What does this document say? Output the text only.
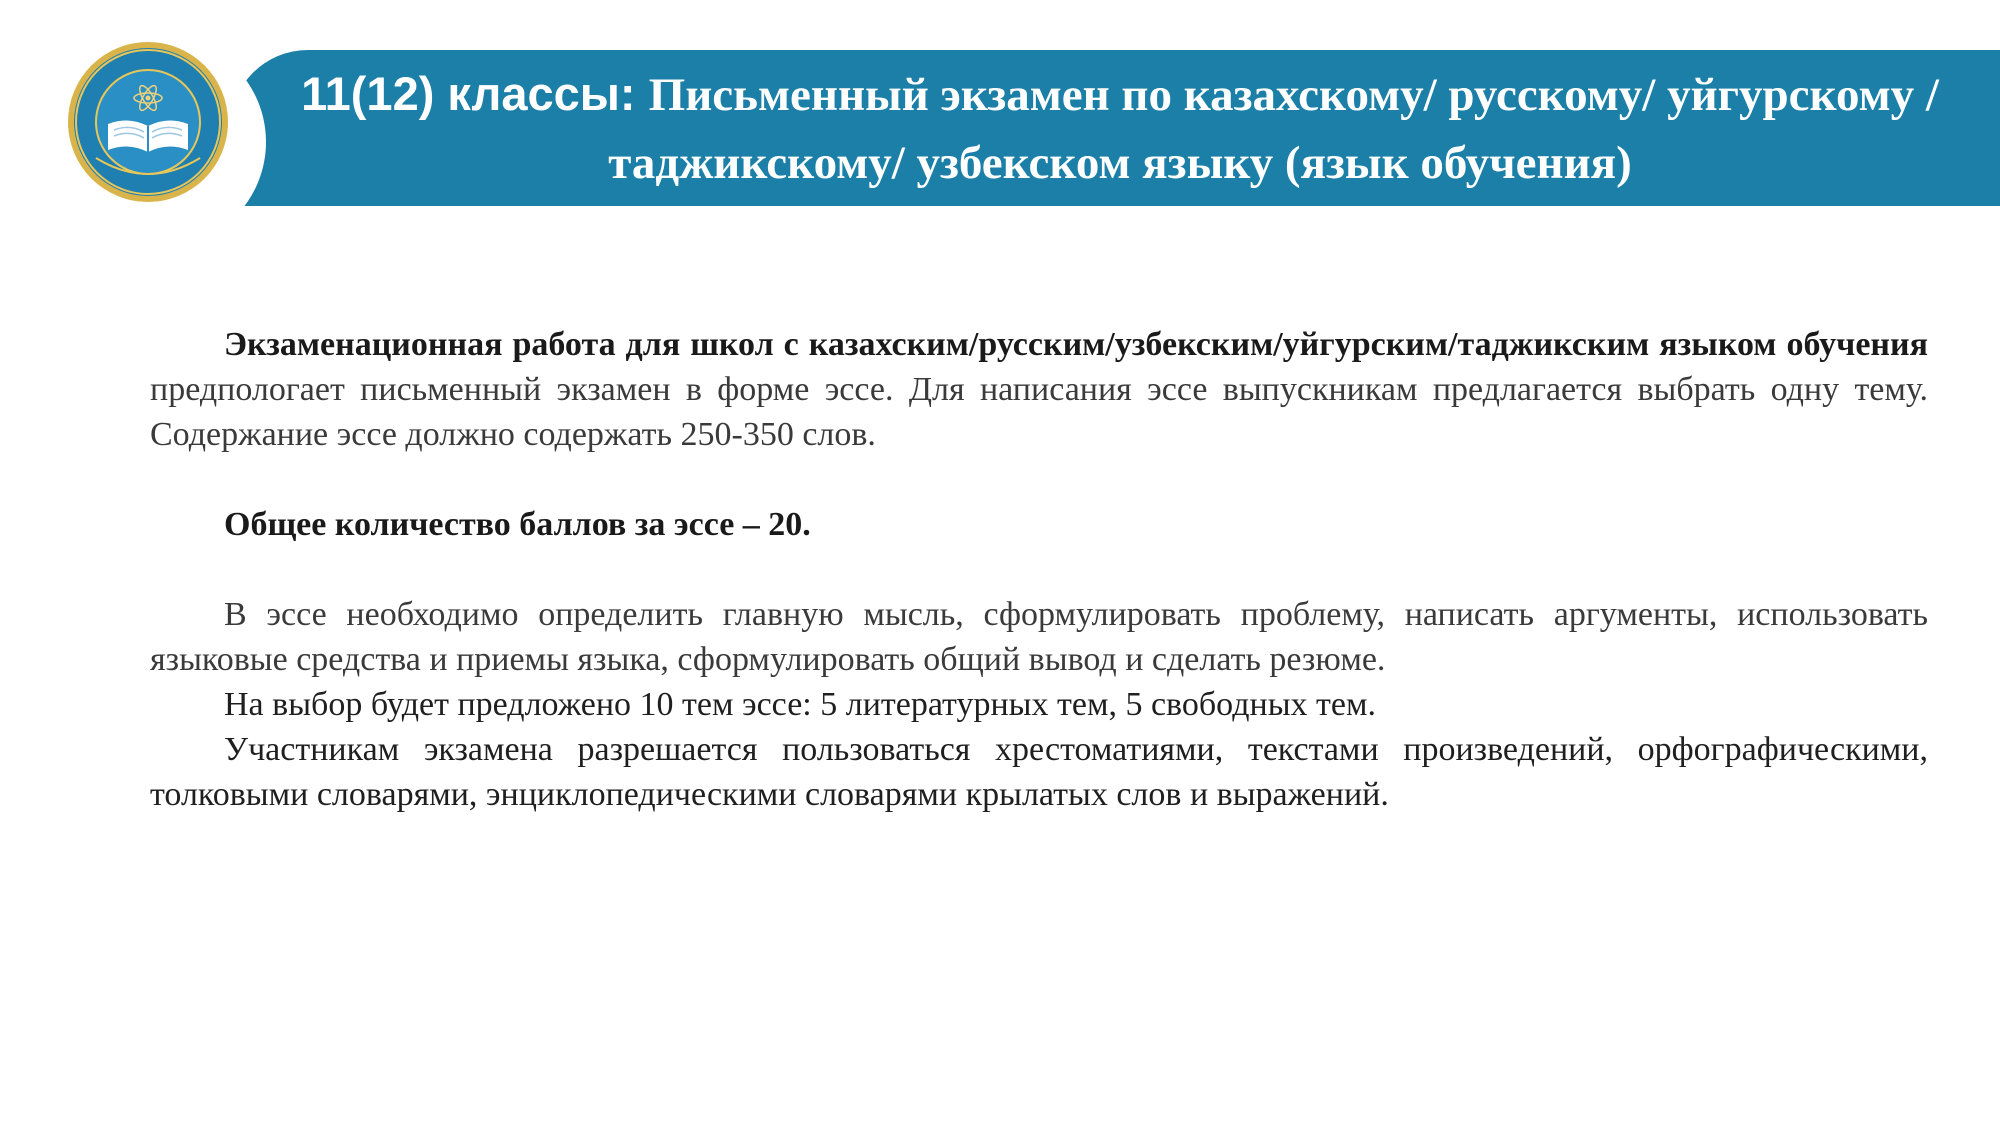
11(12) классы: Письменный экзамен по казахскому/ русскому/ уйгурскому / таджикскому/ узбекском языку (язык обучения)

Экзаменационная работа для школ с казахским/русским/узбекским/уйгурским/таджикским языком обучения предпологает письменный экзамен в форме эссе. Для написания эссе выпускникам предлагается выбрать одну тему. Содержание эссе должно содержать 250-350 слов.

Общее количество баллов за эссе – 20.

В эссе необходимо определить главную мысль, сформулировать проблему, написать аргументы, использовать языковые средства и приемы языка, сформулировать общий вывод и сделать резюме.

На выбор будет предложено 10 тем эссе: 5 литературных тем, 5 свободных тем.

Участникам экзамена разрешается пользоваться хрестоматиями, текстами произведений, орфографическими, толковыми словарями, энциклопедическими словарями крылатых слов и выражений.
